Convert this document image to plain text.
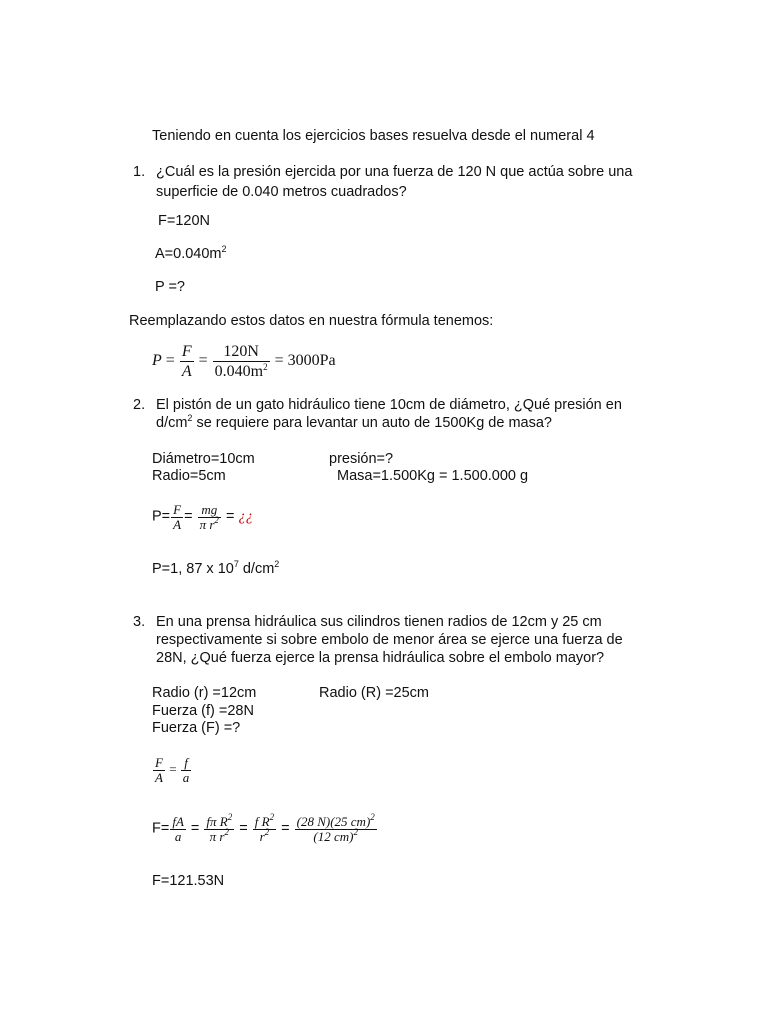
Teniendo en cuenta los ejercicios bases resuelva desde el numeral 4
1. ¿Cuál es la presión ejercida por una fuerza de 120 N que actúa sobre una
superficie de 0.040 metros cuadrados?
F=120N
$A=0.040m^2$
P =?
Reemplazando estos datos en nuestra fórmula tenemos:
$P = \frac{F}{A} = \frac{120N}{0.040m^2} = 3000Pa$
2. El pistón de un gato hidráulico tiene 10cm de diámetro, ¿Qué presión en
$d/cm^2$ se requiere para levantar un auto de 1500Kg de masa?
Diámetro=10cm	presión=?
Radio=5cm	Masa=1.500Kg = 1.500.000 g
$P= \frac{F}{A} = \frac{mg}{\pi r^2}$ = ¿¿
P=1, 87 x $10^7$ $d/cm^2$
3. En una prensa hidráulica sus cilindros tienen radios de 12cm y 25 cm
respectivamente si sobre embolo de menor área se ejerce una fuerza de
28N, ¿Qué fuerza ejerce la prensa hidráulica sobre el embolo mayor?
Radio (r) =12cm	Radio (R) =25cm
Fuerza (f) =28N
Fuerza (F) =?
$\frac{F}{A} = \frac{f}{a}$
$F= \frac{fA}{a} = \frac{f\pi R^2}{\pi r^2} = \frac{f R^2}{r^2} = \frac{(28 N)(25 cm)^2}{(12 cm)^2}$
F=121.53N
